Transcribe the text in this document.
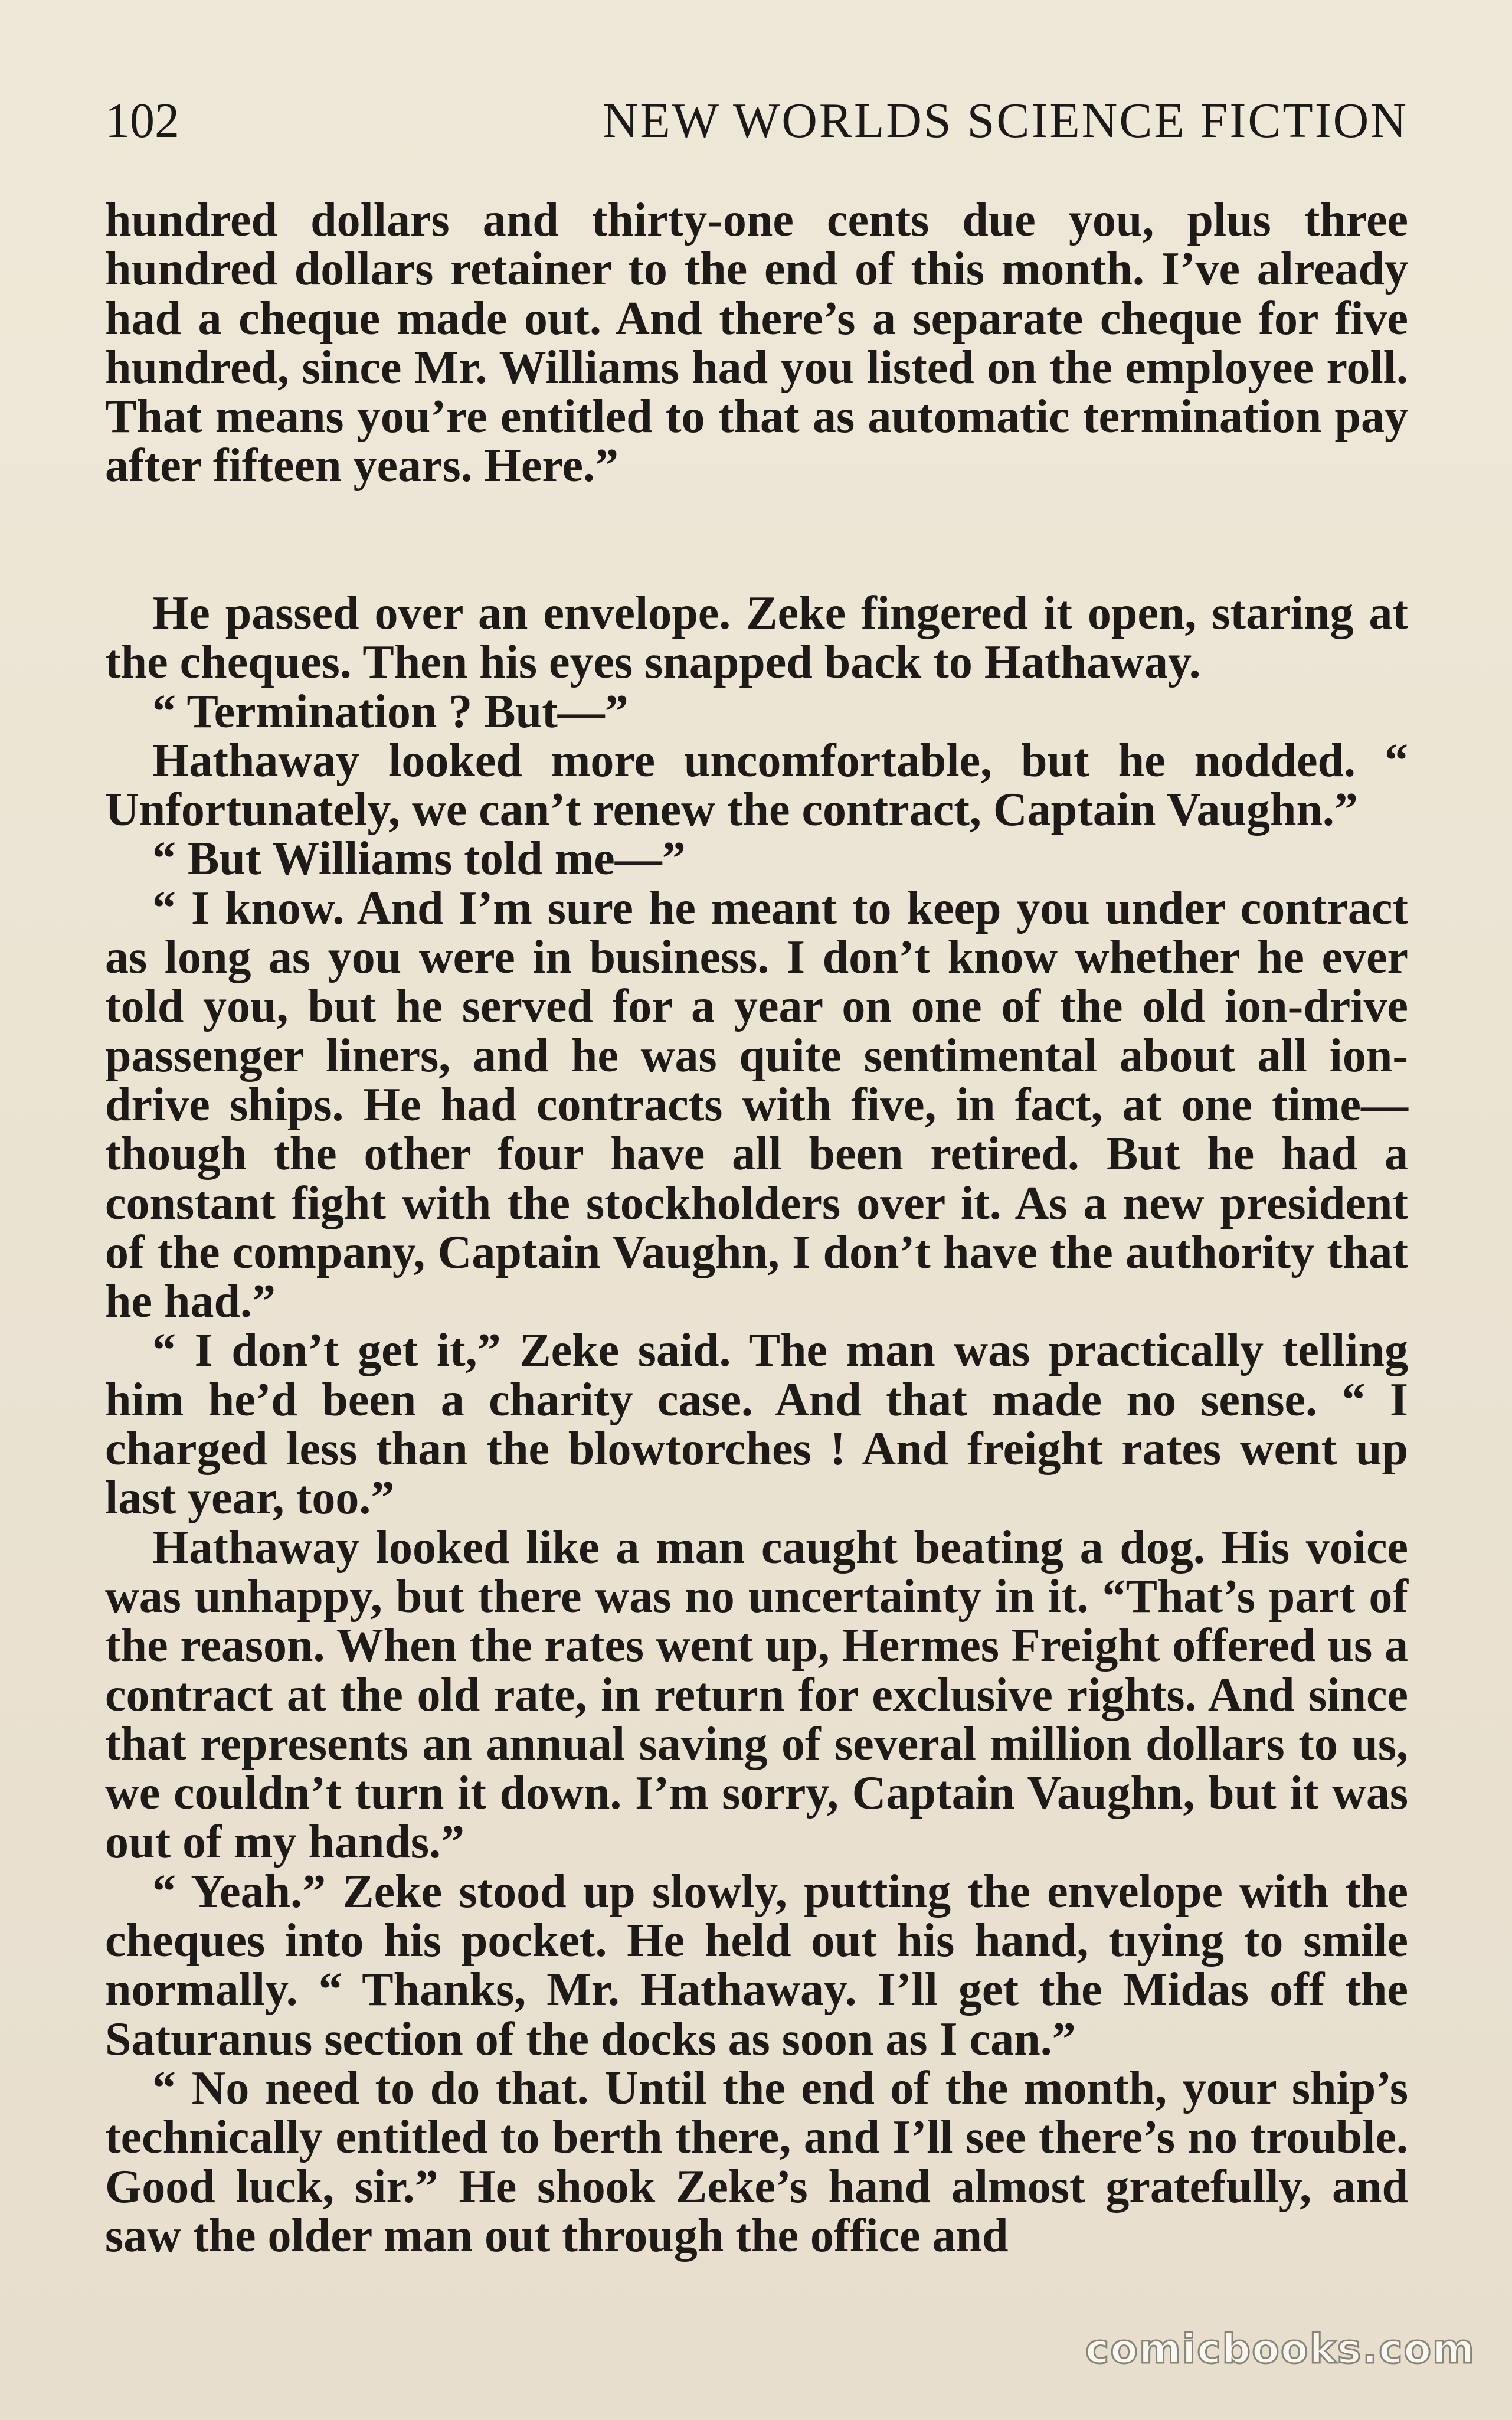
102	NEW WORLDS SCIENCE FICTION

hundred dollars and thirty-one cents due you, plus three hundred dollars retainer to the end of this month. I’ve already had a cheque made out. And there’s a separate cheque for five hundred, since Mr. Williams had you listed on the employee roll. That means you’re entitled to that as automatic termination pay after fifteen years. Here.”

He passed over an envelope. Zeke fingered it open, staring at the cheques. Then his eyes snapped back to Hathaway.

“ Termination ? But—”

Hathaway looked more uncomfortable, but he nodded. “ Unfortunately, we can’t renew the contract, Captain Vaughn.”

“ But Williams told me—”

“ I know. And I’m sure he meant to keep you under contract as long as you were in business. I don’t know whether he ever told you, but he served for a year on one of the old ion-drive passenger liners, and he was quite sentimental about all ion-drive ships. He had contracts with five, in fact, at one time—though the other four have all been retired. But he had a constant fight with the stockholders over it. As a new president of the company, Captain Vaughn, I don’t have the authority that he had.”

“ I don’t get it,” Zeke said. The man was practically telling him he’d been a charity case. And that made no sense. “ I charged less than the blowtorches ! And freight rates went up last year, too.”

Hathaway looked like a man caught beating a dog. His voice was unhappy, but there was no uncertainty in it. “That’s part of the reason. When the rates went up, Hermes Freight offered us a contract at the old rate, in return for exclusive rights. And since that represents an annual saving of several million dollars to us, we couldn’t turn it down. I’m sorry, Captain Vaughn, but it was out of my hands.”

“ Yeah.” Zeke stood up slowly, putting the envelope with the cheques into his pocket. He held out his hand, tıying to smile normally. “ Thanks, Mr. Hathaway. I’ll get the Midas off the Saturanus section of the docks as soon as I can.”

“ No need to do that. Until the end of the month, your ship’s technically entitled to berth there, and I’ll see there’s no trouble. Good luck, sir.” He shook Zeke’s hand almost gratefully, and saw the older man out through the office and

comicbooks.com
